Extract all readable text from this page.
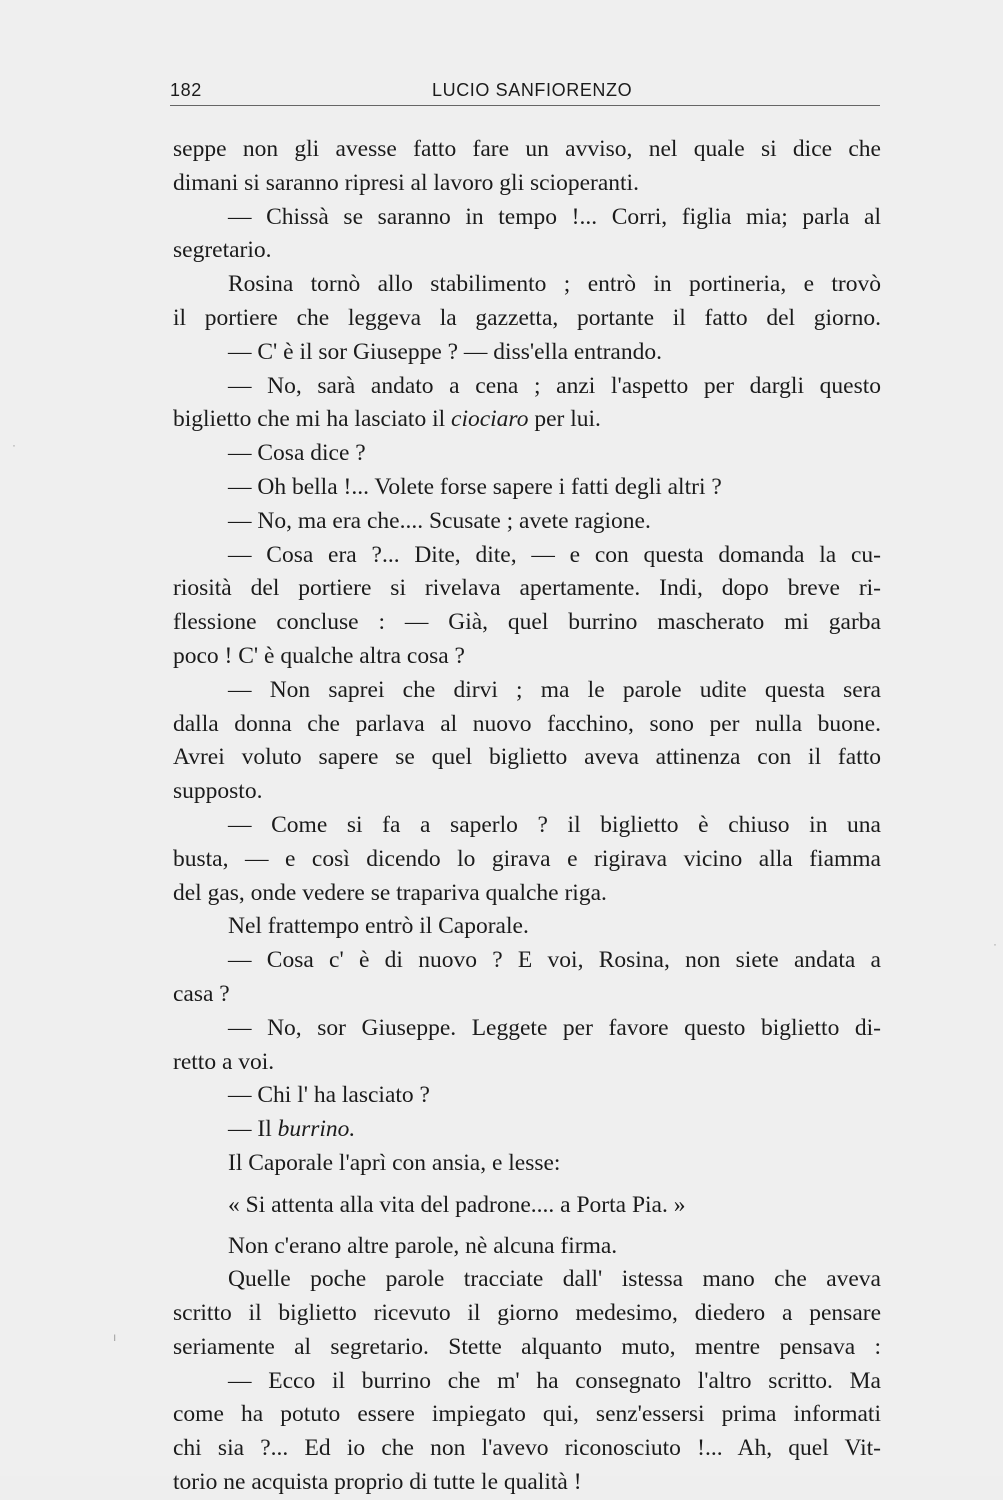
182	LUCIO SANFIORENZO
seppe non gli avesse fatto fare un avviso, nel quale si dice che
dimani si saranno ripresi al lavoro gli scioperanti.
— Chissà se saranno in tempo !... Corri, figlia mia; parla al
segretario.
Rosina tornò allo stabilimento ; entrò in portineria, e trovò
il portiere che leggeva la gazzetta, portante il fatto del giorno.
— C' è il sor Giuseppe ? — diss'ella entrando.
— No, sarà andato a cena ; anzi l'aspetto per dargli questo
biglietto che mi ha lasciato il ciociaro per lui.
— Cosa dice ?
— Oh bella !... Volete forse sapere i fatti degli altri ?
— No, ma era che.... Scusate ; avete ragione.
— Cosa era ?... Dite, dite, — e con questa domanda la cu-
riosità del portiere si rivelava apertamente. Indi, dopo breve ri-
flessione concluse : — Già, quel burrino mascherato mi garba
poco ! C' è qualche altra cosa ?
— Non saprei che dirvi ; ma le parole udite questa sera
dalla donna che parlava al nuovo facchino, sono per nulla buone.
Avrei voluto sapere se quel biglietto aveva attinenza con il fatto
supposto.
— Come si fa a saperlo ? il biglietto è chiuso in una
busta, — e così dicendo lo girava e rigirava vicino alla fiamma
del gas, onde vedere se trapariva qualche riga.
Nel frattempo entrò il Caporale.
— Cosa c' è di nuovo ? E voi, Rosina, non siete andata a
casa ?
— No, sor Giuseppe. Leggete per favore questo biglietto di-
retto a voi.
— Chi l' ha lasciato ?
— Il burrino.
Il Caporale l'aprì con ansia, e lesse:
« Si attenta alla vita del padrone.... a Porta Pia. »
Non c'erano altre parole, nè alcuna firma.
Quelle poche parole tracciate dall' istessa mano che aveva
scritto il biglietto ricevuto il giorno medesimo, diedero a pensare
seriamente al segretario. Stette alquanto muto, mentre pensava :
— Ecco il burrino che m' ha consegnato l'altro scritto. Ma
come ha potuto essere impiegato qui, senz'essersi prima informati
chi sia ?... Ed io che non l'avevo riconosciuto !... Ah, quel Vit-
torio ne acquista proprio di tutte le qualità !
·
·
ı
